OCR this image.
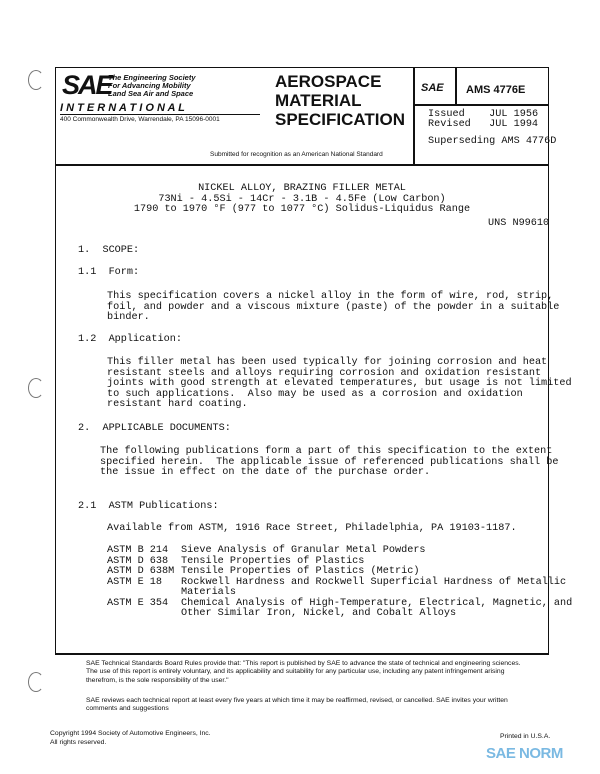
SAE
The Engineering Society
For Advancing Mobility
Land Sea Air and Space
I N T E R N A T I O N A L
400 Commonwealth Drive, Warrendale, PA 15096-0001
AEROSPACE
MATERIAL
SPECIFICATION
Submitted for recognition as an American National Standard
SAE AMS 4776E
Issued JUL 1956
Revised JUL 1994
Superseding AMS 4776D
NICKEL ALLOY, BRAZING FILLER METAL
73Ni - 4.5Si - 14Cr - 3.1B - 4.5Fe (Low Carbon)
1790 to 1970 °F (977 to 1077 °C) Solidus-Liquidus Range
UNS N99610
1.  SCOPE:
1.1  Form:
This specification covers a nickel alloy in the form of wire, rod, strip,
foil, and powder and a viscous mixture (paste) of the powder in a suitable
binder.
1.2  Application:
This filler metal has been used typically for joining corrosion and heat
resistant steels and alloys requiring corrosion and oxidation resistant
joints with good strength at elevated temperatures, but usage is not limited
to such applications.  Also may be used as a corrosion and oxidation
resistant hard coating.
2.  APPLICABLE DOCUMENTS:
The following publications form a part of this specification to the extent
specified herein.  The applicable issue of referenced publications shall be
the issue in effect on the date of the purchase order.
2.1  ASTM Publications:
Available from ASTM, 1916 Race Street, Philadelphia, PA 19103-1187.
ASTM B 214	Sieve Analysis of Granular Metal Powders
ASTM D 638	Tensile Properties of Plastics
ASTM D 638M Tensile Properties of Plastics (Metric)
ASTM E 18	Rockwell Hardness and Rockwell Superficial Hardness of Metallic
Materials
ASTM E 354	Chemical Analysis of High-Temperature, Electrical, Magnetic, and
Other Similar Iron, Nickel, and Cobalt Alloys
SAE Technical Standards Board Rules provide that: "This report is published by SAE to advance the state of technical and engineering sciences. The use of this report is entirely voluntary, and its applicability and suitability for any particular use, including any patent infringement arising therefrom, is the sole responsibility of the user."
SAE reviews each technical report at least every five years at which time it may be reaffirmed, revised, or cancelled. SAE invites your written comments and suggestions
Copyright 1994 Society of Automotive Engineers, Inc.
All rights reserved.
Printed in U.S.A.
SAE NORM
